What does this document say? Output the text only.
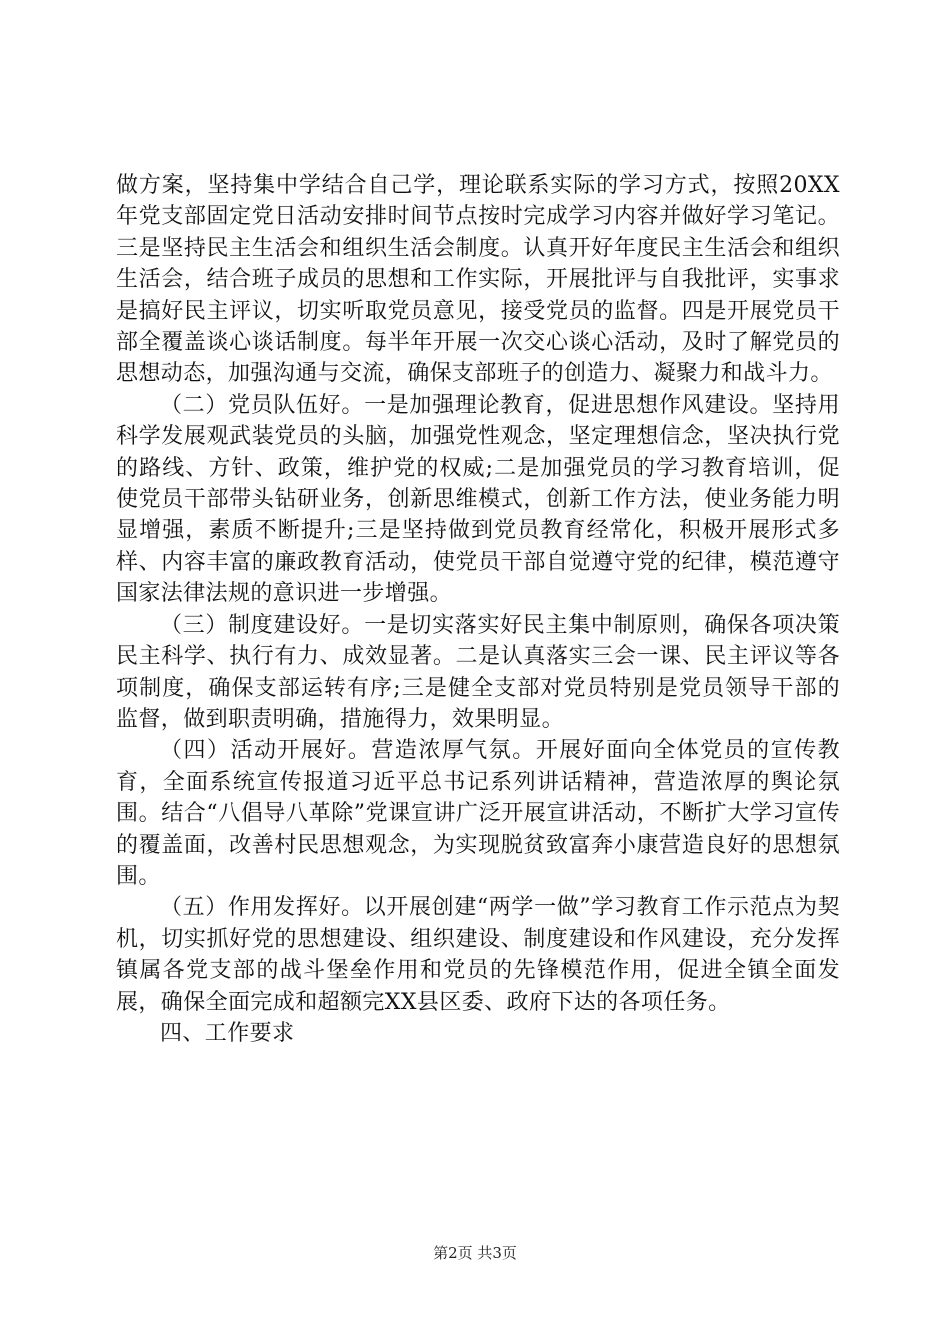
做方案，坚持集中学结合自己学，理论联系实际的学习方式，按照20XX年党支部固定党日活动安排时间节点按时完成学习内容并做好学习笔记。三是坚持民主生活会和组织生活会制度。认真开好年度民主生活会和组织生活会，结合班子成员的思想和工作实际，开展批评与自我批评，实事求是搞好民主评议，切实听取党员意见，接受党员的监督。四是开展党员干部全覆盖谈心谈话制度。每半年开展一次交心谈心活动，及时了解党员的思想动态，加强沟通与交流，确保支部班子的创造力、凝聚力和战斗力。

（二）党员队伍好。一是加强理论教育，促进思想作风建设。坚持用科学发展观武装党员的头脑，加强党性观念，坚定理想信念，坚决执行党的路线、方针、政策，维护党的权威;二是加强党员的学习教育培训，促使党员干部带头钻研业务，创新思维模式，创新工作方法，使业务能力明显增强，素质不断提升;三是坚持做到党员教育经常化，积极开展形式多样、内容丰富的廉政教育活动，使党员干部自觉遵守党的纪律，模范遵守国家法律法规的意识进一步增强。

（三）制度建设好。一是切实落实好民主集中制原则，确保各项决策民主科学、执行有力、成效显著。二是认真落实三会一课、民主评议等各项制度，确保支部运转有序;三是健全支部对党员特别是党员领导干部的监督，做到职责明确，措施得力，效果明显。

（四）活动开展好。营造浓厚气氛。开展好面向全体党员的宣传教育，全面系统宣传报道习近平总书记系列讲话精神，营造浓厚的舆论氛围。结合“八倡导八革除”党课宣讲广泛开展宣讲活动，不断扩大学习宣传的覆盖面，改善村民思想观念，为实现脱贫致富奔小康营造良好的思想氛围。

（五）作用发挥好。以开展创建“两学一做”学习教育工作示范点为契机，切实抓好党的思想建设、组织建设、制度建设和作风建设，充分发挥镇属各党支部的战斗堡垒作用和党员的先锋模范作用，促进全镇全面发展，确保全面完成和超额完XX县区委、政府下达的各项任务。

四、工作要求

第2页 共3页
